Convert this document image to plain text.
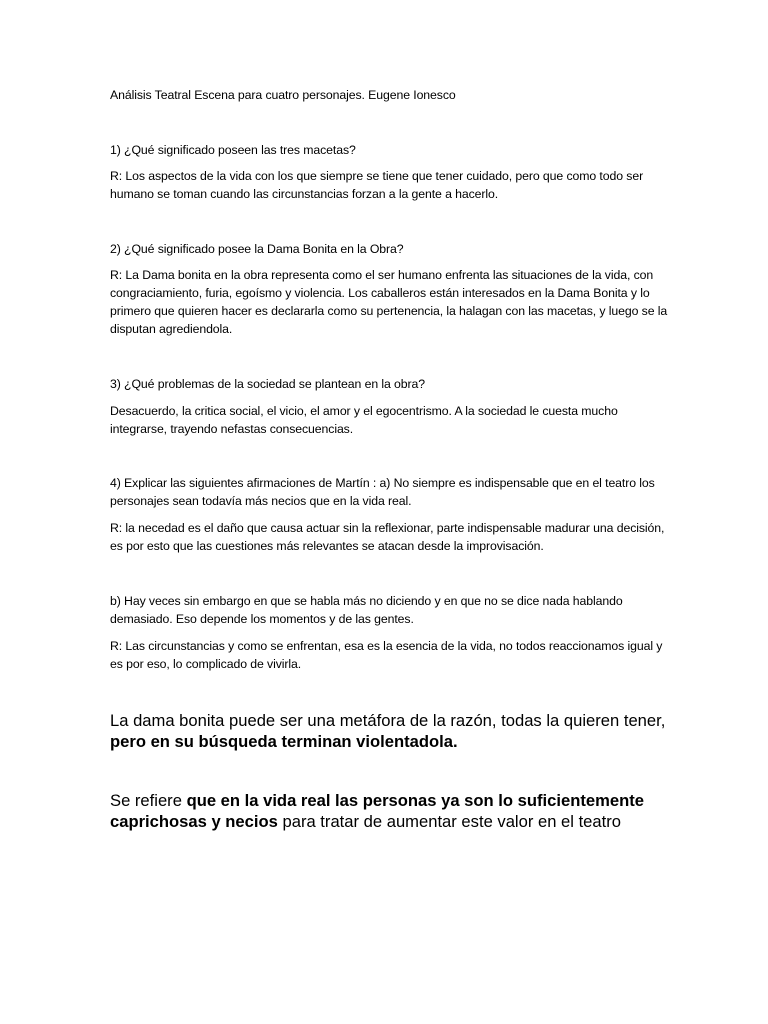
Análisis Teatral Escena para cuatro personajes. Eugene Ionesco

1) ¿Qué significado poseen las tres macetas?

R: Los aspectos de la vida con los que siempre se tiene que tener cuidado, pero que como todo ser humano se toman cuando las circunstancias forzan a la gente a hacerlo.

2) ¿Qué significado posee la Dama Bonita en la Obra?

R: La Dama bonita en la obra representa como el ser humano enfrenta las situaciones de la vida, con congraciamiento, furia, egoísmo y violencia. Los caballeros están interesados en la Dama Bonita y lo primero que quieren hacer es declararla como su pertenencia, la halagan con las macetas, y luego se la disputan agrediendola.

3) ¿Qué problemas de la sociedad se plantean en la obra?

Desacuerdo, la critica social, el vicio, el amor y el egocentrismo. A la sociedad le cuesta mucho integrarse, trayendo nefastas consecuencias.

4) Explicar las siguientes afirmaciones de Martín : a) No siempre es indispensable que en el teatro los personajes sean todavía más necios que en la vida real.

R: la necedad es el daño que causa actuar sin la reflexionar, parte indispensable madurar una decisión, es por esto que las cuestiones más relevantes se atacan desde la improvisación.

b) Hay veces sin embargo en que se habla más no diciendo y en que no se dice nada hablando demasiado. Eso depende los momentos y de las gentes.

R: Las circunstancias y como se enfrentan, esa es la esencia de la vida, no todos reaccionamos igual y es por eso, lo complicado de vivirla.

La dama bonita puede ser una metáfora de la razón, todas la quieren tener, pero en su búsqueda terminan violentadola.

Se refiere que en la vida real las personas ya son lo suficientemente caprichosas y necios para tratar de aumentar este valor en el teatro
